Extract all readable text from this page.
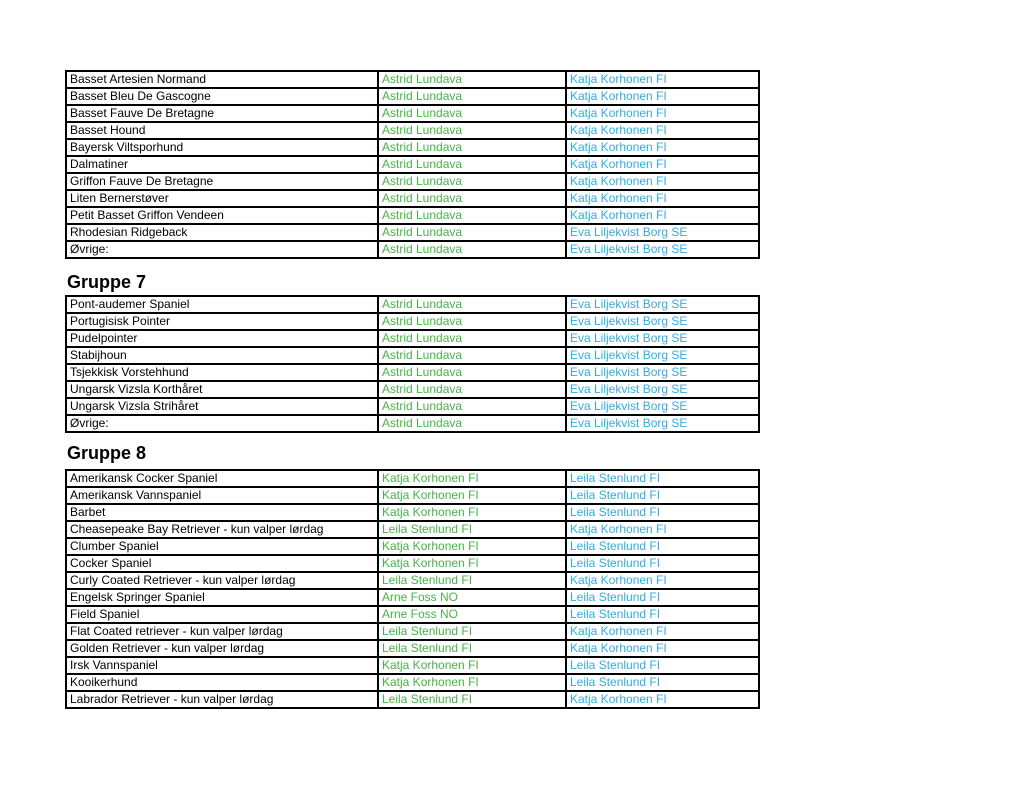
Basset Artesien Normand	Astrid Lundava	Katja Korhonen FI
Basset Bleu De Gascogne	Astrid Lundava	Katja Korhonen FI
Basset Fauve De Bretagne	Astrid Lundava	Katja Korhonen FI
Basset Hound	Astrid Lundava	Katja Korhonen FI
Bayersk Viltsporhund	Astrid Lundava	Katja Korhonen FI
Dalmatiner	Astrid Lundava	Katja Korhonen FI
Griffon Fauve De Bretagne	Astrid Lundava	Katja Korhonen FI
Liten Bernerstøver	Astrid Lundava	Katja Korhonen FI
Petit Basset Griffon Vendeen	Astrid Lundava	Katja Korhonen FI
Rhodesian Ridgeback	Astrid Lundava	Eva Liljekvist Borg SE
Øvrige:	Astrid Lundava	Eva Liljekvist Borg SE
Gruppe 7
Pont-audemer Spaniel	Astrid Lundava	Eva Liljekvist Borg SE
Portugisisk Pointer	Astrid Lundava	Eva Liljekvist Borg SE
Pudelpointer	Astrid Lundava	Eva Liljekvist Borg SE
Stabijhoun	Astrid Lundava	Eva Liljekvist Borg SE
Tsjekkisk Vorstehhund	Astrid Lundava	Eva Liljekvist Borg SE
Ungarsk Vizsla Korthåret	Astrid Lundava	Eva Liljekvist Borg SE
Ungarsk Vizsla Strihåret	Astrid Lundava	Eva Liljekvist Borg SE
Øvrige:	Astrid Lundava	Eva Liljekvist Borg SE
Gruppe 8
Amerikansk Cocker Spaniel	Katja Korhonen FI	Leila Stenlund FI
Amerikansk Vannspaniel	Katja Korhonen FI	Leila Stenlund FI
Barbet	Katja Korhonen FI	Leila Stenlund FI
Cheasepeake Bay Retriever - kun valper lørdag	Leila Stenlund FI	Katja Korhonen FI
Clumber Spaniel	Katja Korhonen FI	Leila Stenlund FI
Cocker Spaniel	Katja Korhonen FI	Leila Stenlund FI
Curly Coated Retriever - kun valper lørdag	Leila Stenlund FI	Katja Korhonen FI
Engelsk Springer Spaniel	Arne Foss NO	Leila Stenlund FI
Field Spaniel	Arne Foss NO	Leila Stenlund FI
Flat Coated retriever - kun valper lørdag	Leila Stenlund FI	Katja Korhonen FI
Golden Retriever - kun valper lørdag	Leila Stenlund FI	Katja Korhonen FI
Irsk Vannspaniel	Katja Korhonen FI	Leila Stenlund FI
Kooikerhund	Katja Korhonen FI	Leila Stenlund FI
Labrador Retriever - kun valper lørdag	Leila Stenlund FI	Katja Korhonen FI
